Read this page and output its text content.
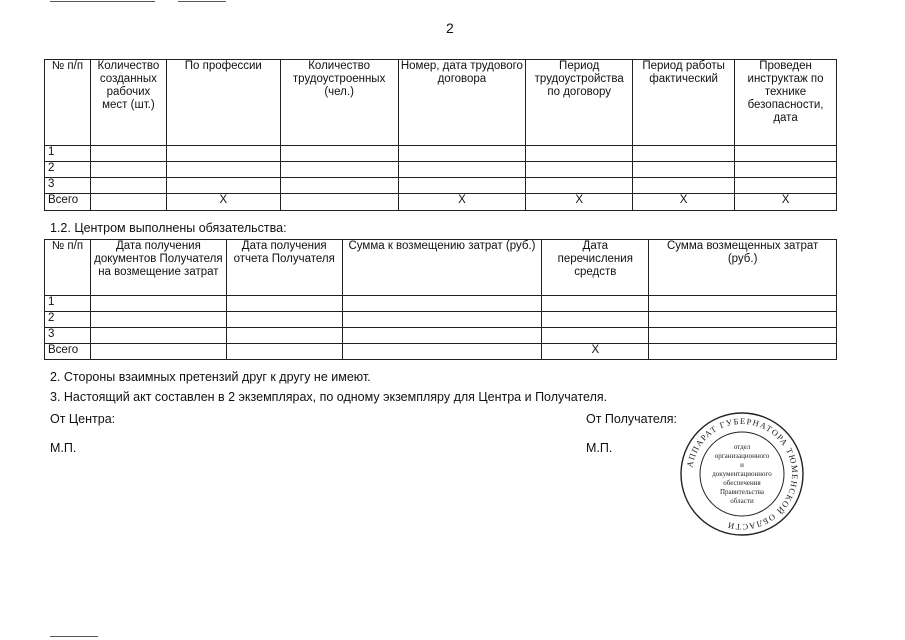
2
№ п/п	Количество созданных рабочих мест (шт.)	По профессии	Количество трудоустроенных (чел.)	Номер, дата трудового договора	Период трудоустройства по договору	Период работы фактический	Проведен инструктаж по технике безопасности, дата
1							
2							
3							
Всего		X		X	X	X	X
1.2. Центром выполнены обязательства:
№ п/п	Дата получения документов Получателя на возмещение затрат	Дата получения отчета Получателя	Сумма к возмещению затрат (руб.)	Дата перечисления средств	Сумма возмещенных затрат (руб.)
1					
2					
3					
Всего				X	
2. Стороны взаимных претензий друг к другу не имеют.
3. Настоящий акт составлен в 2 экземплярах, по одному экземпляру для Центра и Получателя.
От Центра:	От Получателя:
М.П.	М.П.
АППАРАТ ГУБЕРНАТОРА ТЮМЕНСКОЙ ОБЛАСТИ
отдел
организационного
и
документационного
обеспечения
Правительства
области
